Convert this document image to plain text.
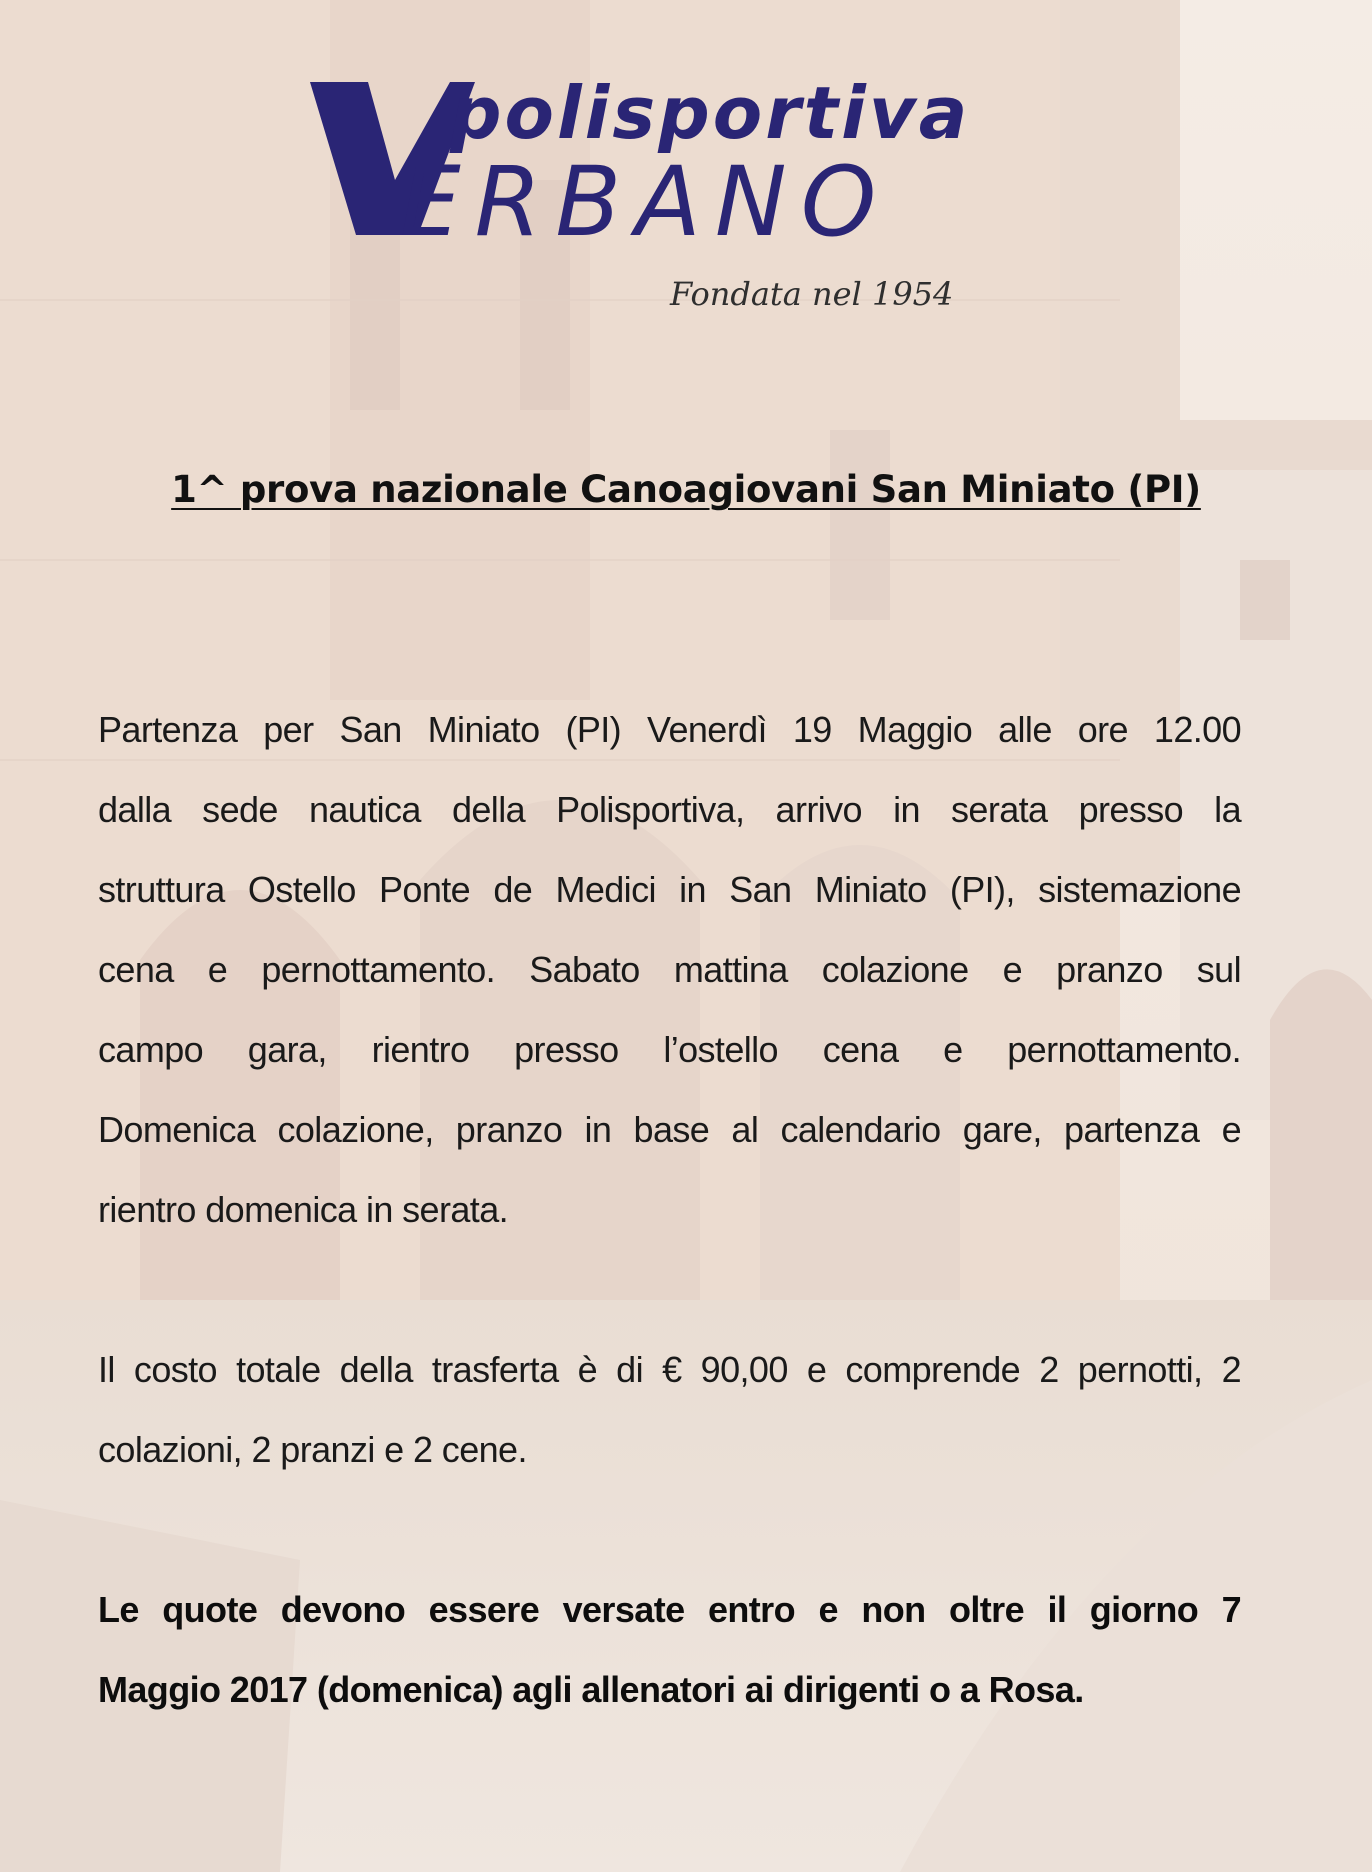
polisportiva
ERBANO
Fondata nel 1954
1^ prova nazionale Canoagiovani San Miniato (PI)
Partenza per San Miniato (PI) Venerdì 19 Maggio alle ore 12.00
dalla sede nautica della Polisportiva, arrivo in serata presso la
struttura Ostello Ponte de Medici in San Miniato (PI), sistemazione
cena e pernottamento. Sabato mattina colazione e pranzo sul
campo gara, rientro presso l’ostello cena e pernottamento.
Domenica colazione, pranzo in base al calendario gare, partenza e
rientro domenica in serata.
Il costo totale della trasferta è di € 90,00 e comprende 2 pernotti, 2
colazioni, 2 pranzi e 2 cene.
Le quote devono essere versate entro e non oltre il giorno 7
Maggio 2017 (domenica) agli allenatori ai dirigenti o a Rosa.
